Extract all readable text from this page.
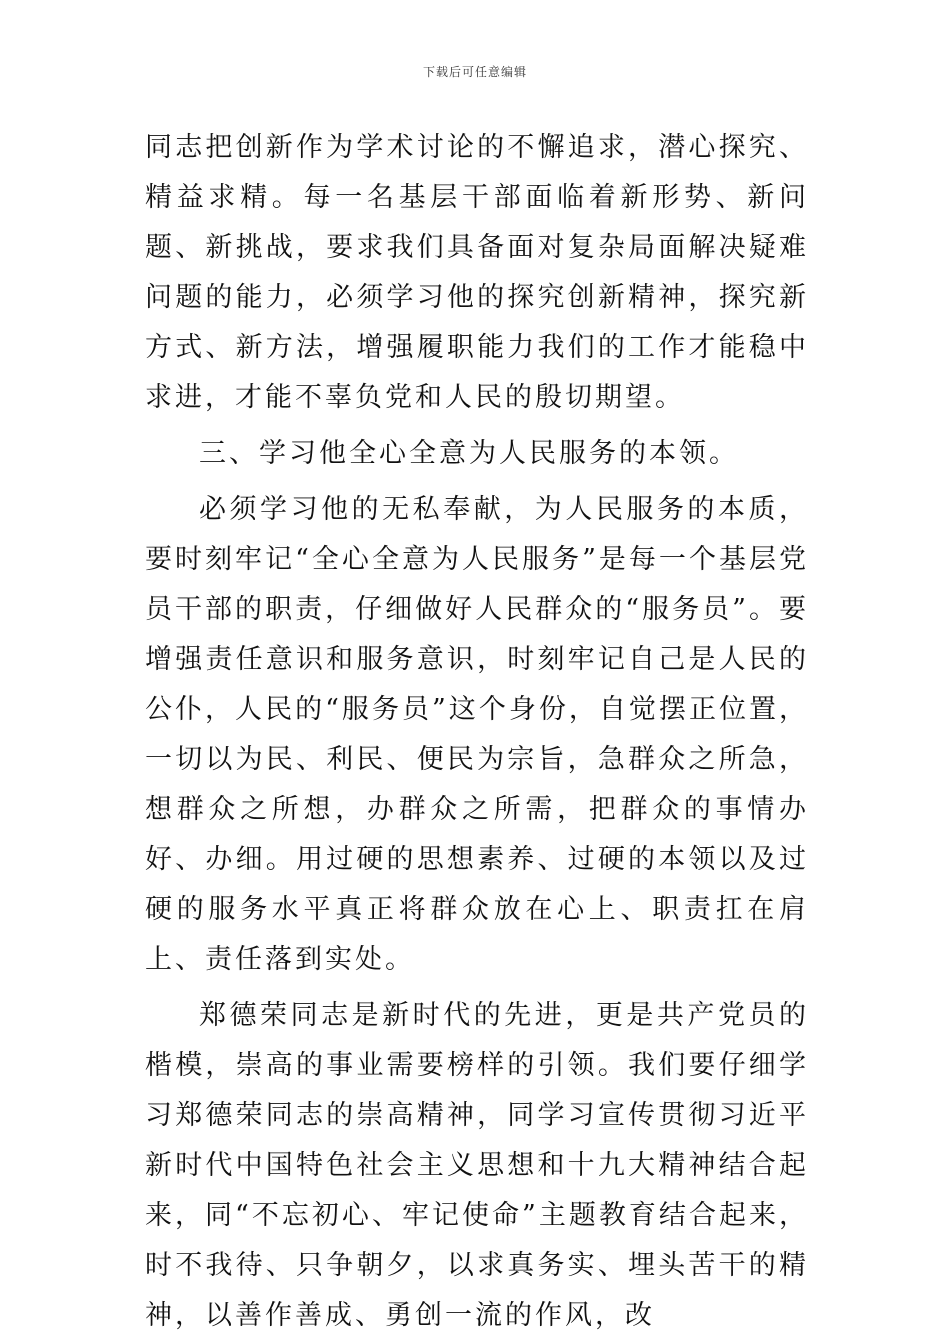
下载后可任意编辑

同志把创新作为学术讨论的不懈追求，潜心探究、精益求精。每一名基层干部面临着新形势、新问题、新挑战，要求我们具备面对复杂局面解决疑难问题的能力，必须学习他的探究创新精神，探究新方式、新方法，增强履职能力我们的工作才能稳中求进，才能不辜负党和人民的殷切期望。

三、学习他全心全意为人民服务的本领。

必须学习他的无私奉献，为人民服务的本质，要时刻牢记“全心全意为人民服务”是每一个基层党员干部的职责，仔细做好人民群众的“服务员”。要增强责任意识和服务意识，时刻牢记自己是人民的公仆，人民的“服务员”这个身份，自觉摆正位置，一切以为民、利民、便民为宗旨，急群众之所急，想群众之所想，办群众之所需，把群众的事情办好、办细。用过硬的思想素养、过硬的本领以及过硬的服务水平真正将群众放在心上、职责扛在肩上、责任落到实处。

郑德荣同志是新时代的先进，更是共产党员的楷模，崇高的事业需要榜样的引领。我们要仔细学习郑德荣同志的崇高精神，同学习宣传贯彻习近平新时代中国特色社会主义思想和十九大精神结合起来，同“不忘初心、牢记使命”主题教育结合起来，时不我待、只争朝夕，以求真务实、埋头苦干的精神，以善作善成、勇创一流的作风，改
